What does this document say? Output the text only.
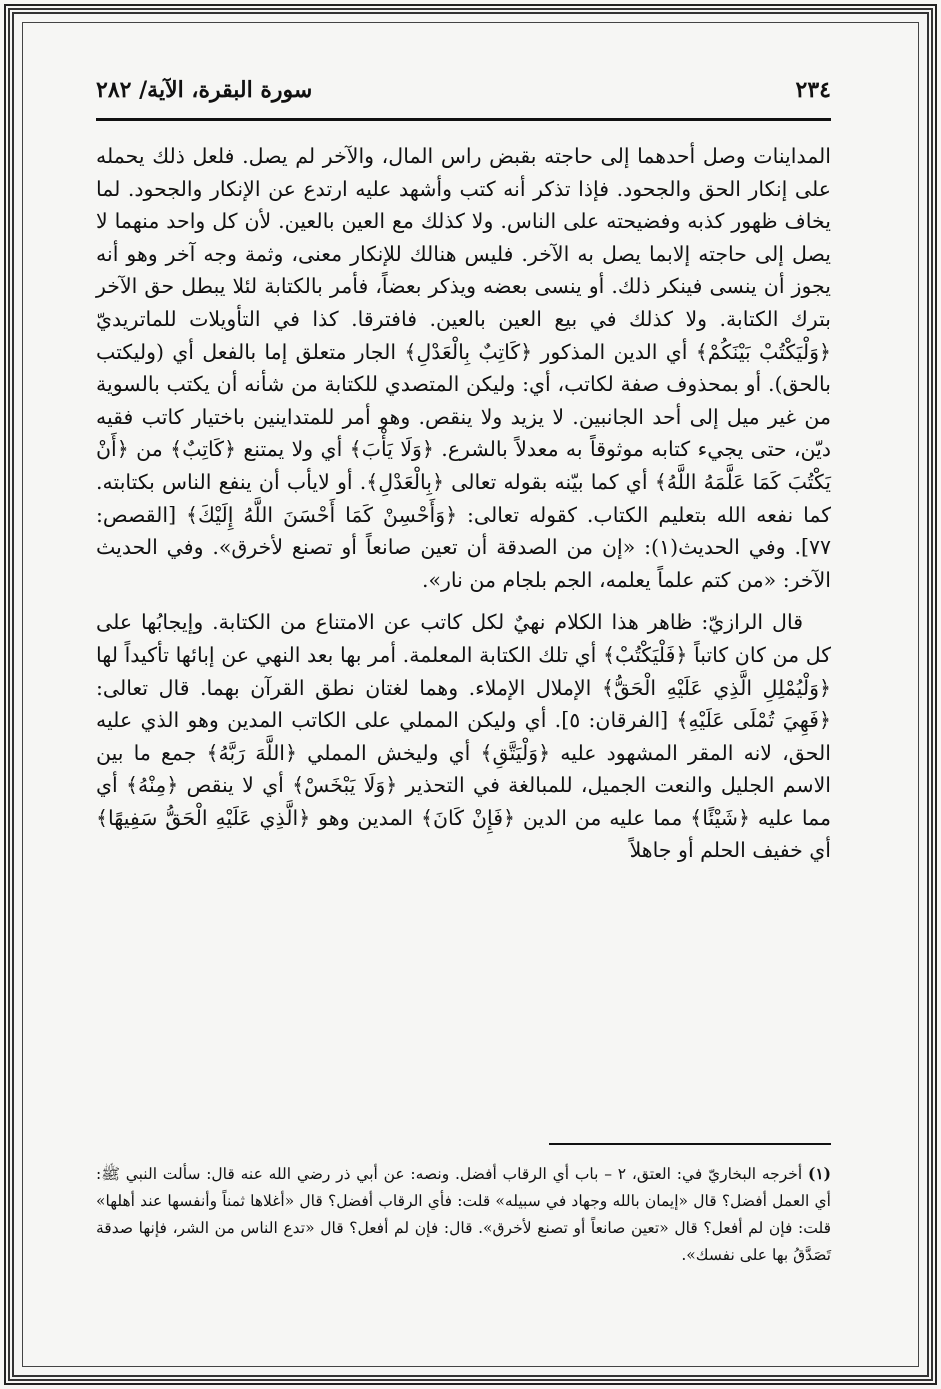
٢٣٤
سورة البقرة، الآية/ ٢٨٢

المداينات وصل أحدهما إلى حاجته بقبض راس المال، والآخر لم يصل. فلعل ذلك يحمله على إنكار الحق والجحود. فإذا تذكر أنه كتب وأشهد عليه ارتدع عن الإنكار والجحود. لما يخاف ظهور كذبه وفضيحته على الناس. ولا كذلك مع العين بالعين. لأن كل واحد منهما لا يصل إلى حاجته إلابما يصل به الآخر. فليس هنالك للإنكار معنى، وثمة وجه آخر وهو أنه يجوز أن ينسى فينكر ذلك. أو ينسى بعضه ويذكر بعضاً، فأمر بالكتابة لئلا يبطل حق الآخر بترك الكتابة. ولا كذلك في بيع العين بالعين. فافترقا. كذا في التأويلات للماتريديّ ﴿وَلْيَكْتُبْ بَيْنَكُمْ﴾ أي الدين المذكور ﴿كَاتِبٌ بِالْعَدْلِ﴾ الجار متعلق إما بالفعل أي (وليكتب بالحق). أو بمحذوف صفة لكاتب، أي: وليكن المتصدي للكتابة من شأنه أن يكتب بالسوية من غير ميل إلى أحد الجانبين. لا يزيد ولا ينقص. وهو أمر للمتداينين باختيار كاتب فقيه ديّن، حتى يجيء كتابه موثوقاً به معدلاً بالشرع. ﴿وَلَا يَأْبَ﴾ أي ولا يمتنع ﴿كَاتِبٌ﴾ من ﴿أَنْ يَكْتُبَ كَمَا عَلَّمَهُ اللَّهُ﴾ أي كما بيّنه بقوله تعالى ﴿بِالْعَدْلِ﴾. أو لايأب أن ينفع الناس بكتابته. كما نفعه الله بتعليم الكتاب. كقوله تعالى: ﴿وَأَحْسِنْ كَمَا أَحْسَنَ اللَّهُ إِلَيْكَ﴾ [القصص: ٧٧]. وفي الحديث(١): «إن من الصدقة أن تعين صانعاً أو تصنع لأخرق». وفي الحديث الآخر: «من كتم علماً يعلمه، الجم بلجام من نار».

قال الرازيّ: ظاهر هذا الكلام نهيٌ لكل كاتب عن الامتناع من الكتابة. وإيجابُها على كل من كان كاتباً ﴿فَلْيَكْتُبْ﴾ أي تلك الكتابة المعلمة. أمر بها بعد النهي عن إبائها تأكيداً لها ﴿وَلْيُمْلِلِ الَّذِي عَلَيْهِ الْحَقُّ﴾ الإملال الإملاء. وهما لغتان نطق القرآن بهما. قال تعالى: ﴿فَهِيَ تُمْلَى عَلَيْهِ﴾ [الفرقان: ٥]. أي وليكن المملي على الكاتب المدين وهو الذي عليه الحق، لانه المقر المشهود عليه ﴿وَلْيَتَّقِ﴾ أي وليخش المملي ﴿اللَّهَ رَبَّهُ﴾ جمع ما بين الاسم الجليل والنعت الجميل، للمبالغة في التحذير ﴿وَلَا يَبْخَسْ﴾ أي لا ينقص ﴿مِنْهُ﴾ أي مما عليه ﴿شَيْئًا﴾ مما عليه من الدين ﴿فَإِنْ كَانَ﴾ المدين وهو ﴿الَّذِي عَلَيْهِ الْحَقُّ سَفِيهًا﴾ أي خفيف الحلم أو جاهلاً

(١) أخرجه البخاريّ في: العتق، ٢ – باب أي الرقاب أفضل. ونصه: عن أبي ذر رضي الله عنه قال: سألت النبي ﷺ: أي العمل أفضل؟ قال «إيمان بالله وجهاد في سبيله» قلت: فأي الرقاب أفضل؟ قال «أغلاها ثمناً وأنفسها عند أهلها» قلت: فإن لم أفعل؟ قال «تعين صانعاً أو تصنع لأخرق». قال: فإن لم أفعل؟ قال «تدع الناس من الشر، فإنها صدقة تَصَدَّقُ بها على نفسك».
